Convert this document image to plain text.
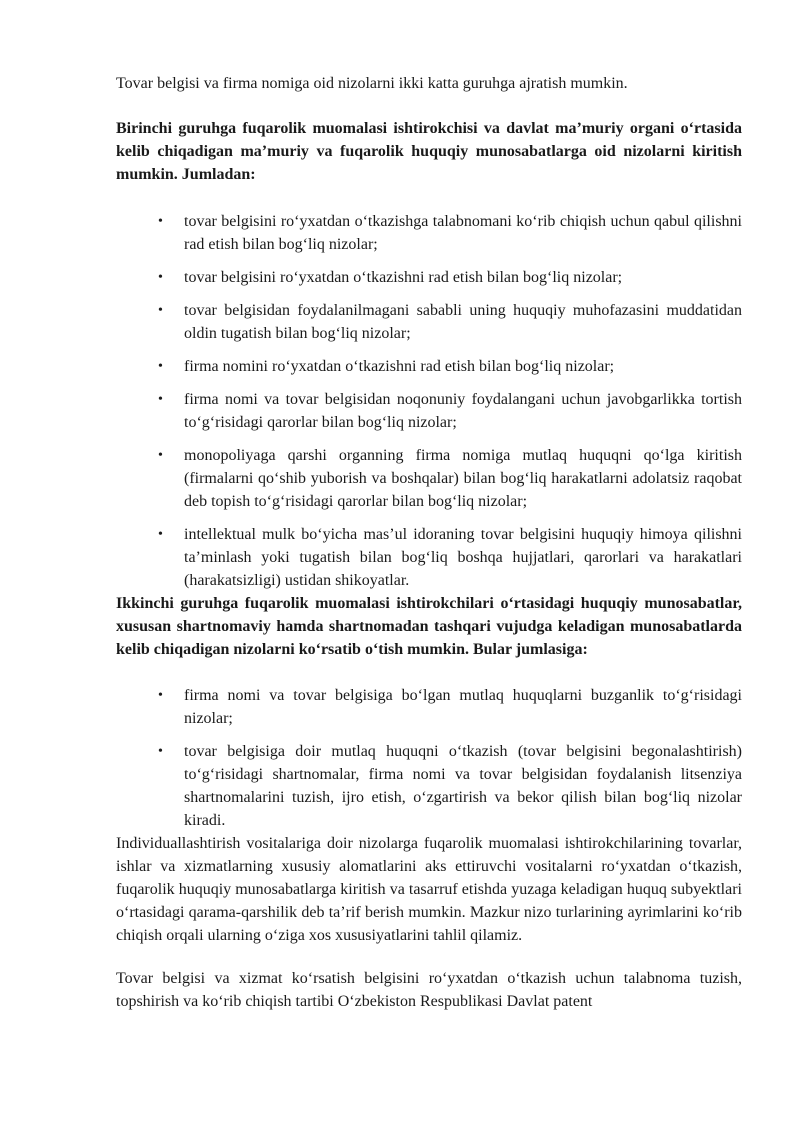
Tovar belgisi va firma nomiga oid nizolarni ikki katta guruhga ajratish mumkin.

Birinchi guruhga fuqarolik muomalasi ishtirokchisi va davlat ma’muriy organi o‘rtasida kelib chiqadigan ma’muriy va fuqarolik huquqiy munosabatlarga oid nizolarni kiritish mumkin. Jumladan:

• tovar belgisini ro‘yxatdan o‘tkazishga talabnomani ko‘rib chiqish uchun qabul qilishni rad etish bilan bog‘liq nizolar;
• tovar belgisini ro‘yxatdan o‘tkazishni rad etish bilan bog‘liq nizolar;
• tovar belgisidan foydalanilmagani sababli uning huquqiy muhofazasini muddatidan oldin tugatish bilan bog‘liq nizolar;
• firma nomini ro‘yxatdan o‘tkazishni rad etish bilan bog‘liq nizolar;
• firma nomi va tovar belgisidan noqonuniy foydalangani uchun javobgarlikka tortish to‘g‘risidagi qarorlar bilan bog‘liq nizolar;
• monopoliyaga qarshi organning firma nomiga mutlaq huquqni qo‘lga kiritish (firmalarni qo‘shib yuborish va boshqalar) bilan bog‘liq harakatlarni adolatsiz raqobat deb topish to‘g‘risidagi qarorlar bilan bog‘liq nizolar;
• intellektual mulk bo‘yicha mas’ul idoraning tovar belgisini huquqiy himoya qilishni ta’minlash yoki tugatish bilan bog‘liq boshqa hujjatlari, qarorlari va harakatlari (harakatsizligi) ustidan shikoyatlar.

Ikkinchi guruhga fuqarolik muomalasi ishtirokchilari o‘rtasidagi huquqiy munosabatlar, xususan shartnomaviy hamda shartnomadan tashqari vujudga keladigan munosabatlarda kelib chiqadigan nizolarni ko‘rsatib o‘tish mumkin. Bular jumlasiga:

• firma nomi va tovar belgisiga bo‘lgan mutlaq huquqlarni buzganlik to‘g‘risidagi nizolar;
• tovar belgisiga doir mutlaq huquqni o‘tkazish (tovar belgisini begonalashtirish) to‘g‘risidagi shartnomalar, firma nomi va tovar belgisidan foydalanish litsenziya shartnomalarini tuzish, ijro etish, o‘zgartirish va bekor qilish bilan bog‘liq nizolar kiradi.

Individuallashtirish vositalariga doir nizolarga fuqarolik muomalasi ishtirokchilarining tovarlar, ishlar va xizmatlarning xususiy alomatlarini aks ettiruvchi vositalarni ro‘yxatdan o‘tkazish, fuqarolik huquqiy munosabatlarga kiritish va tasarruf etishda yuzaga keladigan huquq subyektlari o‘rtasidagi qarama-qarshilik deb ta’rif berish mumkin. Mazkur nizo turlarining ayrimlarini ko‘rib chiqish orqali ularning o‘ziga xos xususiyatlarini tahlil qilamiz.

Tovar belgisi va xizmat ko‘rsatish belgisini ro‘yxatdan o‘tkazish uchun talabnoma tuzish, topshirish va ko‘rib chiqish tartibi O‘zbekiston Respublikasi Davlat patent
